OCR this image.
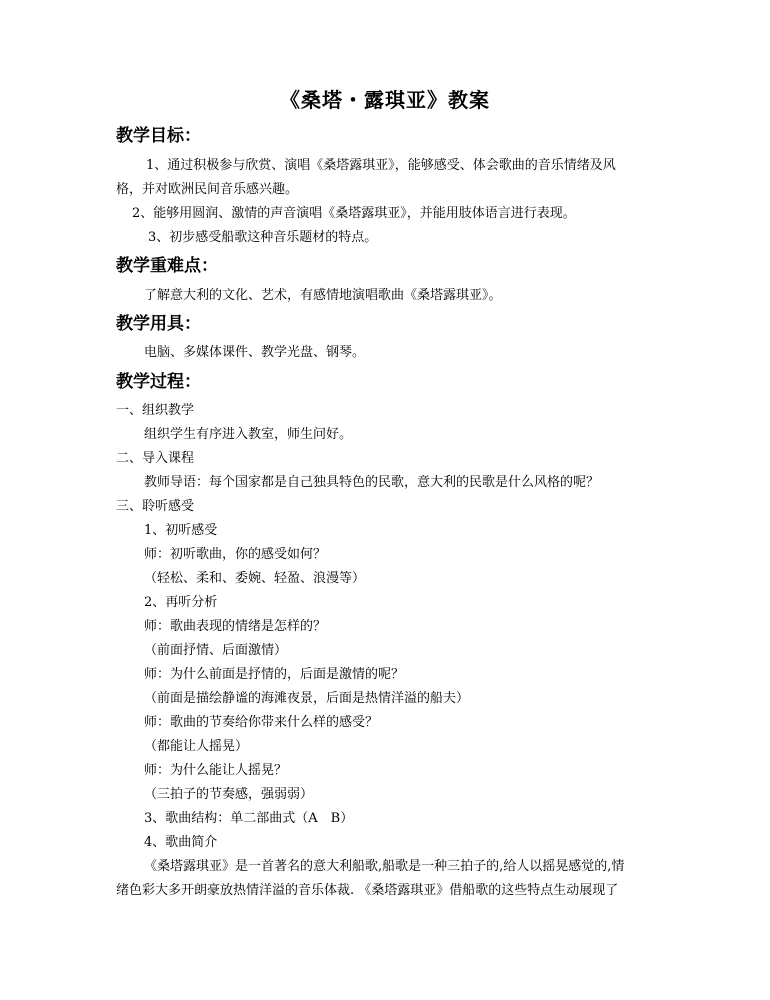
《桑塔・露琪亚》教案
教学目标：
1、通过积极参与欣赏、演唱《桑塔露琪亚》，能够感受、体会歌曲的音乐情绪及风
格，并对欧洲民间音乐感兴趣。
2、能够用圆润、激情的声音演唱《桑塔露琪亚》，并能用肢体语言进行表现。
3、初步感受船歌这种音乐题材的特点。
教学重难点：
了解意大利的文化、艺术，有感情地演唱歌曲《桑塔露琪亚》。
教学用具：
电脑、多媒体课件、教学光盘、钢琴。
教学过程：
一、组织教学
组织学生有序进入教室，师生问好。
二、导入课程
教师导语：每个国家都是自己独具特色的民歌，意大利的民歌是什么风格的呢？
三、聆听感受
1、初听感受
师：初听歌曲，你的感受如何？
（轻松、柔和、委婉、轻盈、浪漫等）
2、再听分析
师：歌曲表现的情绪是怎样的？
（前面抒情、后面激情）
师：为什么前面是抒情的，后面是激情的呢？
（前面是描绘静谧的海滩夜景，后面是热情洋溢的船夫）
师：歌曲的节奏给你带来什么样的感受？
（都能让人摇晃）
师：为什么能让人摇晃？
（三拍子的节奏感，强弱弱）
3、歌曲结构：单二部曲式（A　B）
4、歌曲简介
《桑塔露琪亚》是一首著名的意大利船歌,船歌是一种三拍子的,给人以摇晃感觉的,情
绪色彩大多开朗豪放热情洋溢的音乐体裁. 《桑塔露琪亚》借船歌的这些特点生动展现了
